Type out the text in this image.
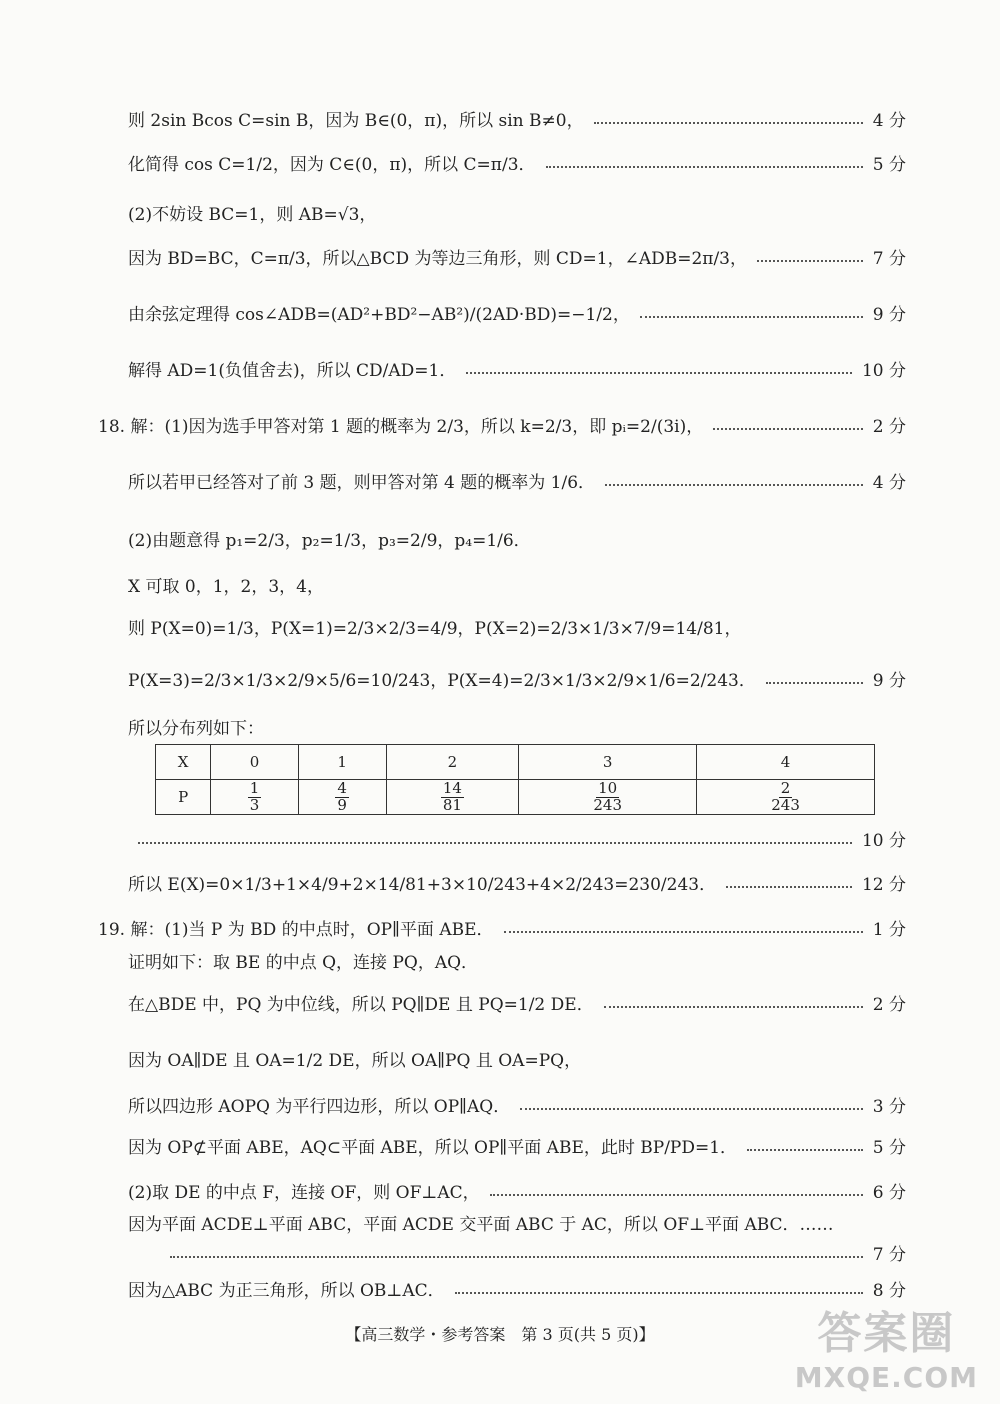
则 2sin Bcos C=sin B，因为 B∈(0，π)，所以 sin B≠0，	4 分
化简得 cos C=1/2，因为 C∈(0，π)，所以 C=π/3．	5 分
(2)不妨设 BC=1，则 AB=√3，
因为 BD=BC，C=π/3，所以△BCD 为等边三角形，则 CD=1，∠ADB=2π/3，	7 分
由余弦定理得 cos∠ADB=(AD²+BD²−AB²)/(2AD·BD)=−1/2，	9 分
解得 AD=1(负值舍去)，所以 CD/AD=1．	10 分
18. 解：(1)因为选手甲答对第 1 题的概率为 2/3，所以 k=2/3，即 pᵢ=2/(3i)，	2 分
所以若甲已经答对了前 3 题，则甲答对第 4 题的概率为 1/6．	4 分
(2)由题意得 p₁=2/3，p₂=1/3，p₃=2/9，p₄=1/6．
X 可取 0，1，2，3，4，
则 P(X=0)=1/3，P(X=1)=2/3×2/3=4/9，P(X=2)=2/3×1/3×7/9=14/81，
P(X=3)=2/3×1/3×2/9×5/6=10/243，P(X=4)=2/3×1/3×2/9×1/6=2/243．	9 分
所以分布列如下：
X	0	1	2	3	4
P	$\frac{1}{3}$	$\frac{4}{9}$	$\frac{14}{81}$	$\frac{10}{243}$	$\frac{2}{243}$
10 分
所以 E(X)=0×1/3+1×4/9+2×14/81+3×10/243+4×2/243=230/243．	12 分
19. 解：(1)当 P 为 BD 的中点时，OP∥平面 ABE．	1 分
证明如下：取 BE 的中点 Q，连接 PQ，AQ．
在△BDE 中，PQ 为中位线，所以 PQ∥DE 且 PQ=1/2 DE．	2 分
因为 OA∥DE 且 OA=1/2 DE，所以 OA∥PQ 且 OA=PQ，
所以四边形 AOPQ 为平行四边形，所以 OP∥AQ．	3 分
因为 OP⊄平面 ABE，AQ⊂平面 ABE，所以 OP∥平面 ABE，此时 BP/PD=1．	5 分
(2)取 DE 的中点 F，连接 OF，则 OF⊥AC，	6 分
因为平面 ACDE⊥平面 ABC，平面 ACDE 交平面 ABC 于 AC，所以 OF⊥平面 ABC．……
7 分
因为△ABC 为正三角形，所以 OB⊥AC．	8 分
【高三数学・参考答案　第 3 页(共 5 页)】	答案圈
MXQE.COM
